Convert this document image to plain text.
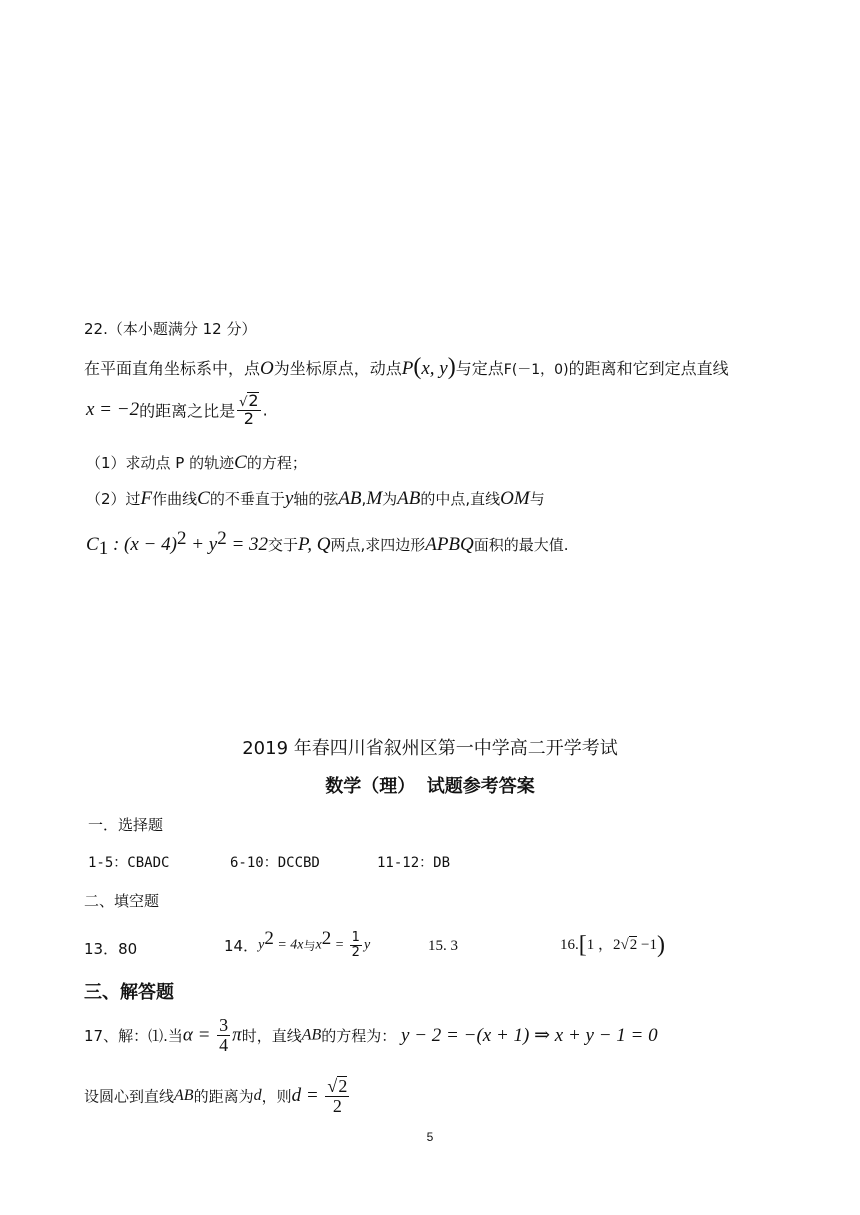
22.（本小题满分 12 分）
在平面直角坐标系中，点O为坐标原点，动点P(x, y)与定点F(－1，0)的距离和它到定点直线
x = −2的距离之比是 $\frac{√2}{2}$ .
（1）求动点 P 的轨迹C的方程；
（2）过F作曲线C的不垂直于y轴的弦AB,M为AB的中点,直线OM与
$C_1$ : $(x - 4)^2 + y^2 = 32$交于P, Q两点,求四边形APBQ面积的最大值.
2019 年春四川省叙州区第一中学高二开学考试
数学（理） 试题参考答案
一．选择题
1-5：CBADC	6-10：DCCBD	11-12：DB
二、填空题
13．80	14．$y^2 = 4x$与$x^2 = \frac{1}{2}$ y	15. 3	16.[1 ，2√2 −1)
三、解答题
17、解：⑴.当$\alpha = \frac{3}{4}$ π时，直线AB的方程为： y − 2 = −(x + 1) ⇒ x + y − 1 = 0
设圆心到直线AB的距离为d，则$d = \frac{√2}{2}$
5
